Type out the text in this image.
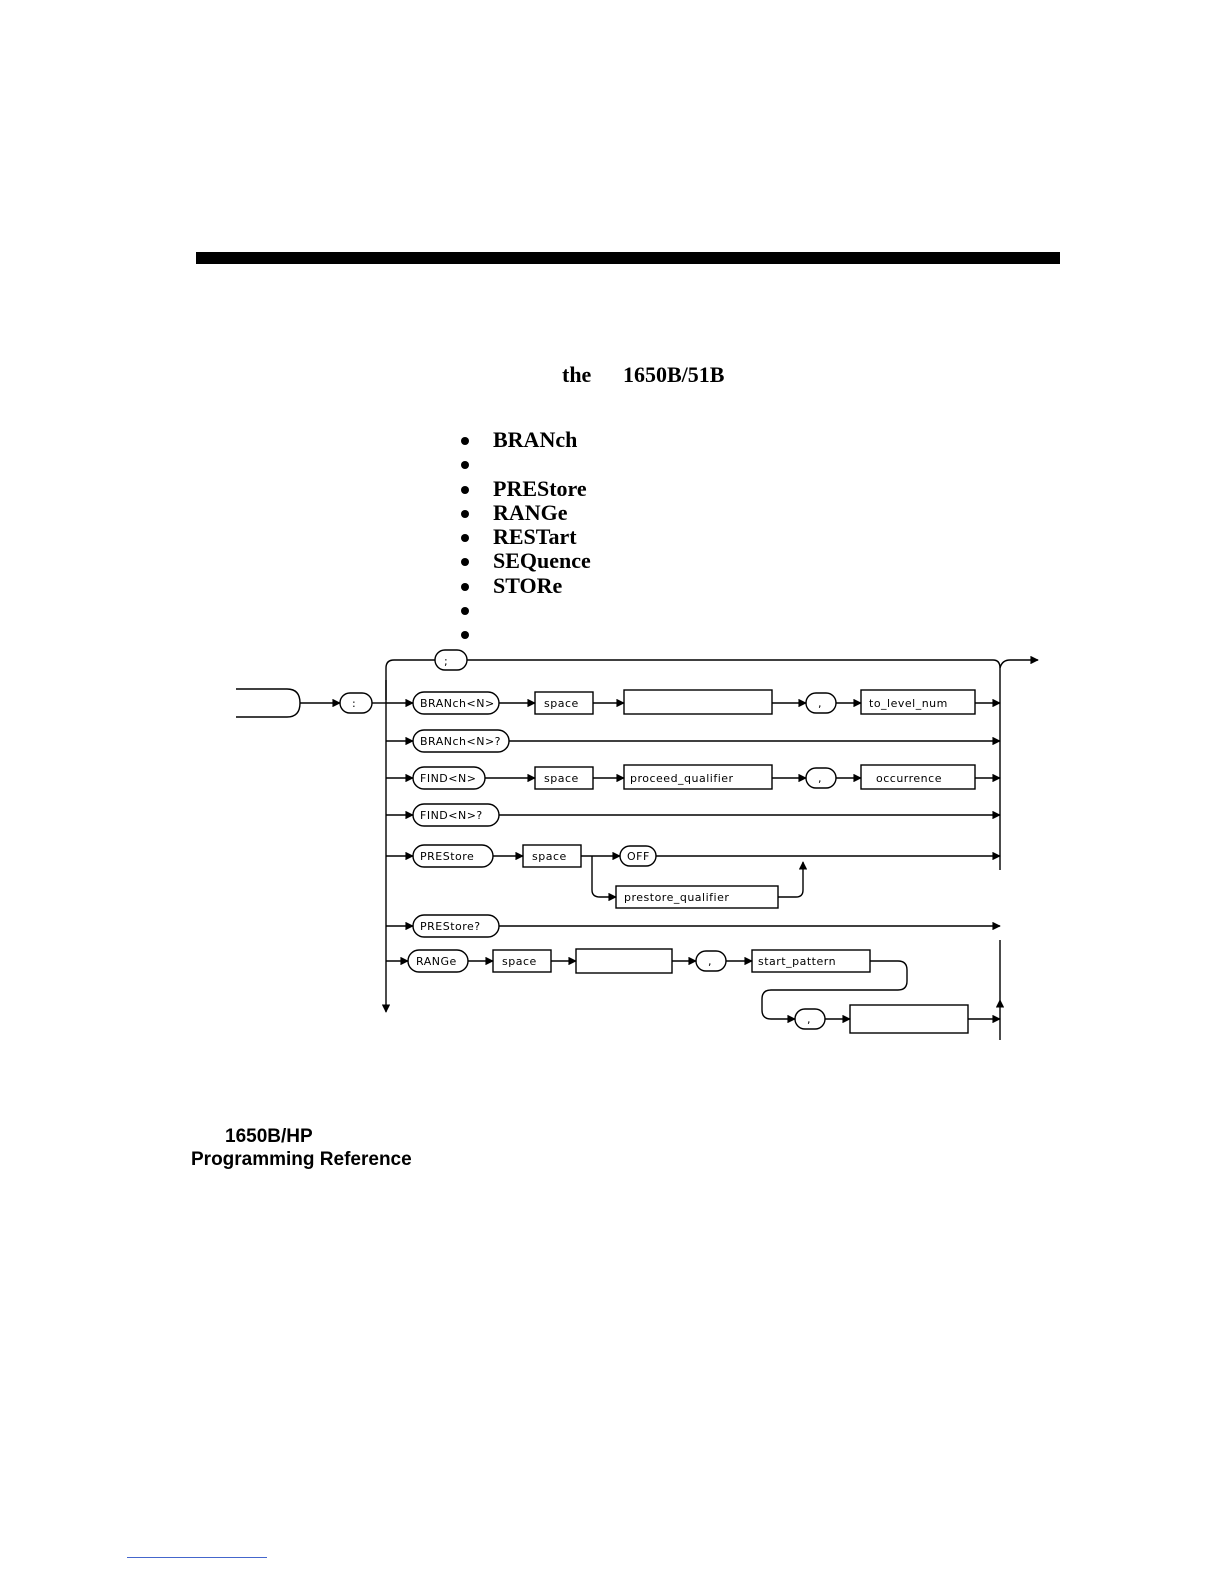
the 1650B/51B
BRANch
PREStore
RANGe
RESTart
SEQuence
STORe
;
:	BRANch<N>	space	,	to_level_num
BRANch<N>?
FIND<N>	space	proceed_qualifier	,	occurrence
FIND<N>?
PREStore	space	OFF
prestore_qualifier
PREStore?
RANGe	space	,	start_pattern
,
1650B/HP
Programming Reference
